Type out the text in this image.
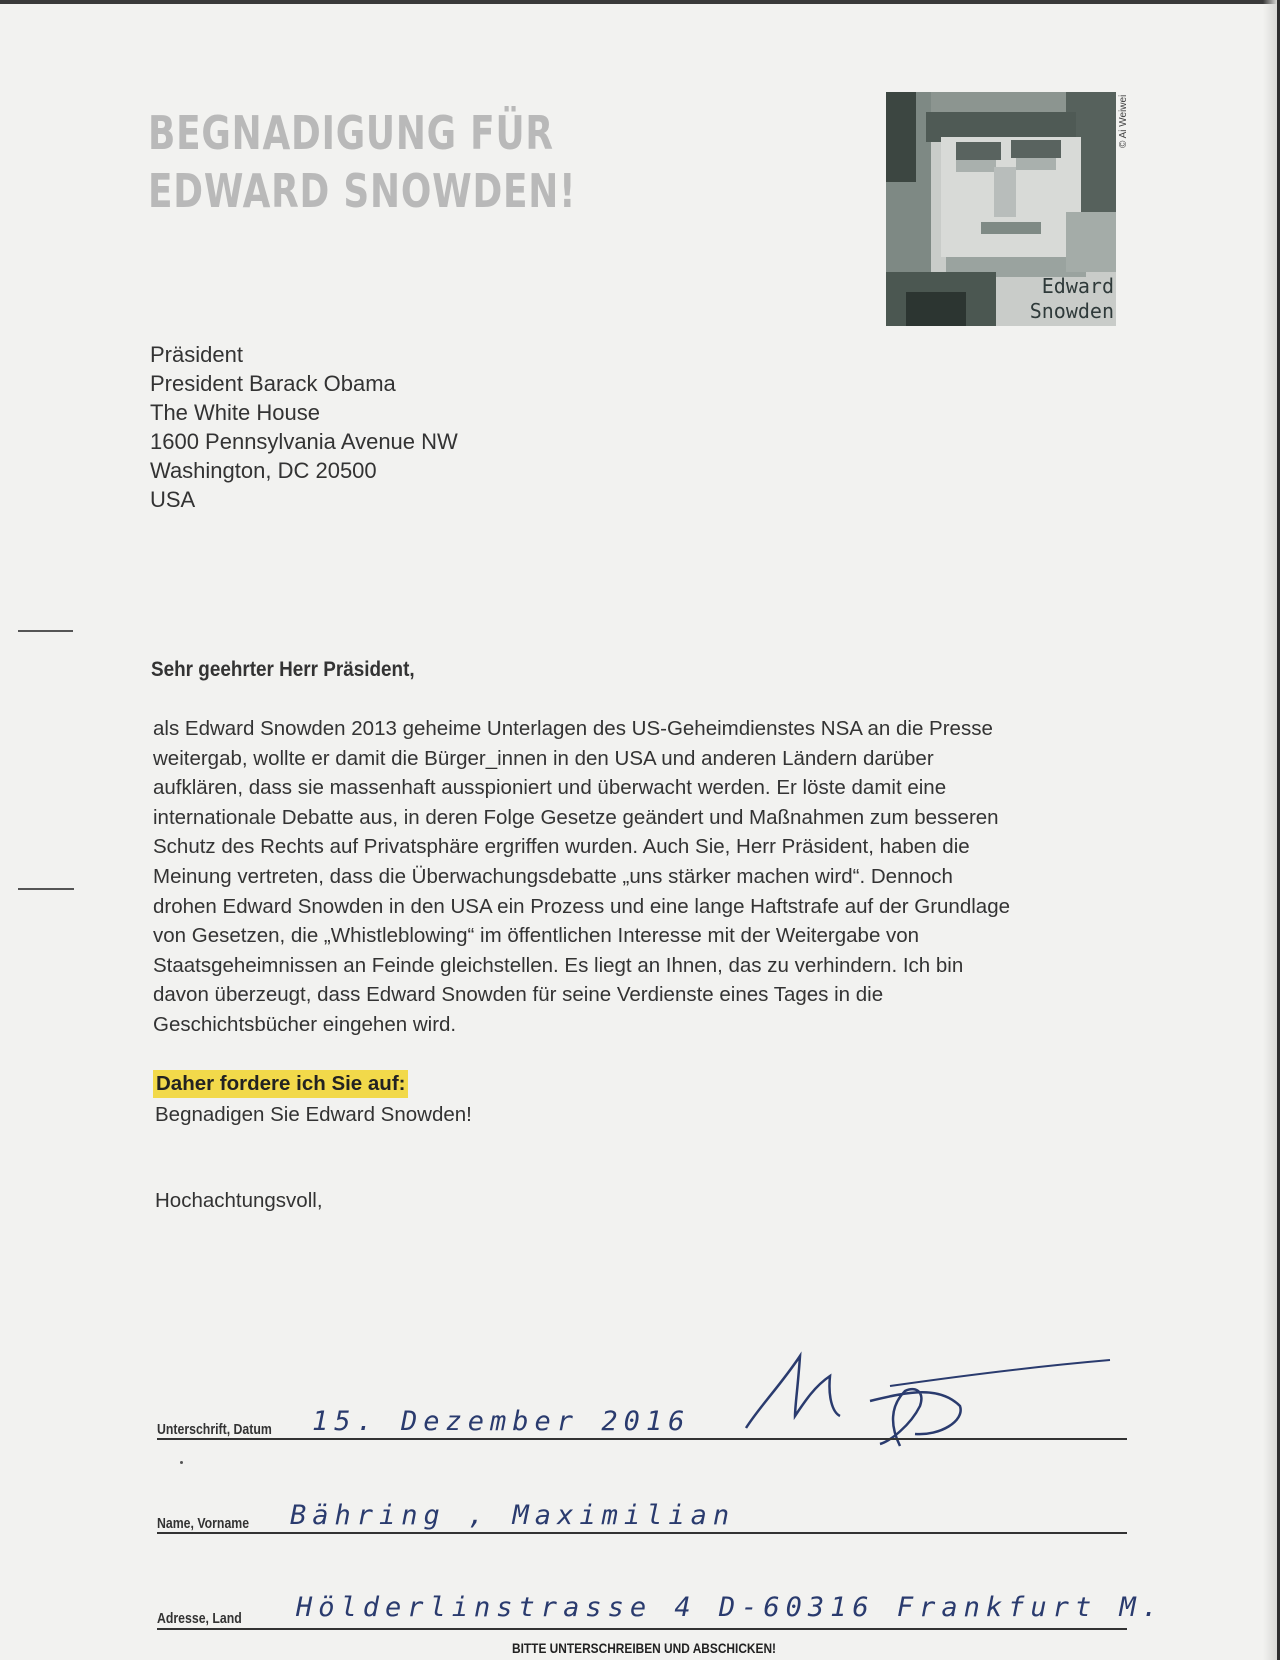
BEGNADIGUNG FÜR
EDWARD SNOWDEN!
© Ai Weiwei
Edward
Snowden
Präsident
President Barack Obama
The White House
1600 Pennsylvania Avenue NW
Washington, DC 20500
USA
Sehr geehrter Herr Präsident,
als Edward Snowden 2013 geheime Unterlagen des US-Geheimdienstes NSA an die Presse
weitergab, wollte er damit die Bürger_innen in den USA und anderen Ländern darüber
aufklären, dass sie massenhaft ausspioniert und überwacht werden. Er löste damit eine
internationale Debatte aus, in deren Folge Gesetze geändert und Maßnahmen zum besseren
Schutz des Rechts auf Privatsphäre ergriffen wurden. Auch Sie, Herr Präsident, haben die
Meinung vertreten, dass die Überwachungsdebatte „uns stärker machen wird“. Dennoch
drohen Edward Snowden in den USA ein Prozess und eine lange Haftstrafe auf der Grundlage
von Gesetzen, die „Whistleblowing“ im öffentlichen Interesse mit der Weitergabe von
Staatsgeheimnissen an Feinde gleichstellen. Es liegt an Ihnen, das zu verhindern. Ich bin
davon überzeugt, dass Edward Snowden für seine Verdienste eines Tages in die
Geschichtsbücher eingehen wird.
Daher fordere ich Sie auf:
Begnadigen Sie Edward Snowden!
Hochachtungsvoll,
Unterschrift, Datum 15. Dezember 2016
Name, Vorname Bähring , Maximilian
Adresse, Land Hölderlinstrasse 4 D-60316 Frankfurt M.
BITTE UNTERSCHREIBEN UND ABSCHICKEN!
